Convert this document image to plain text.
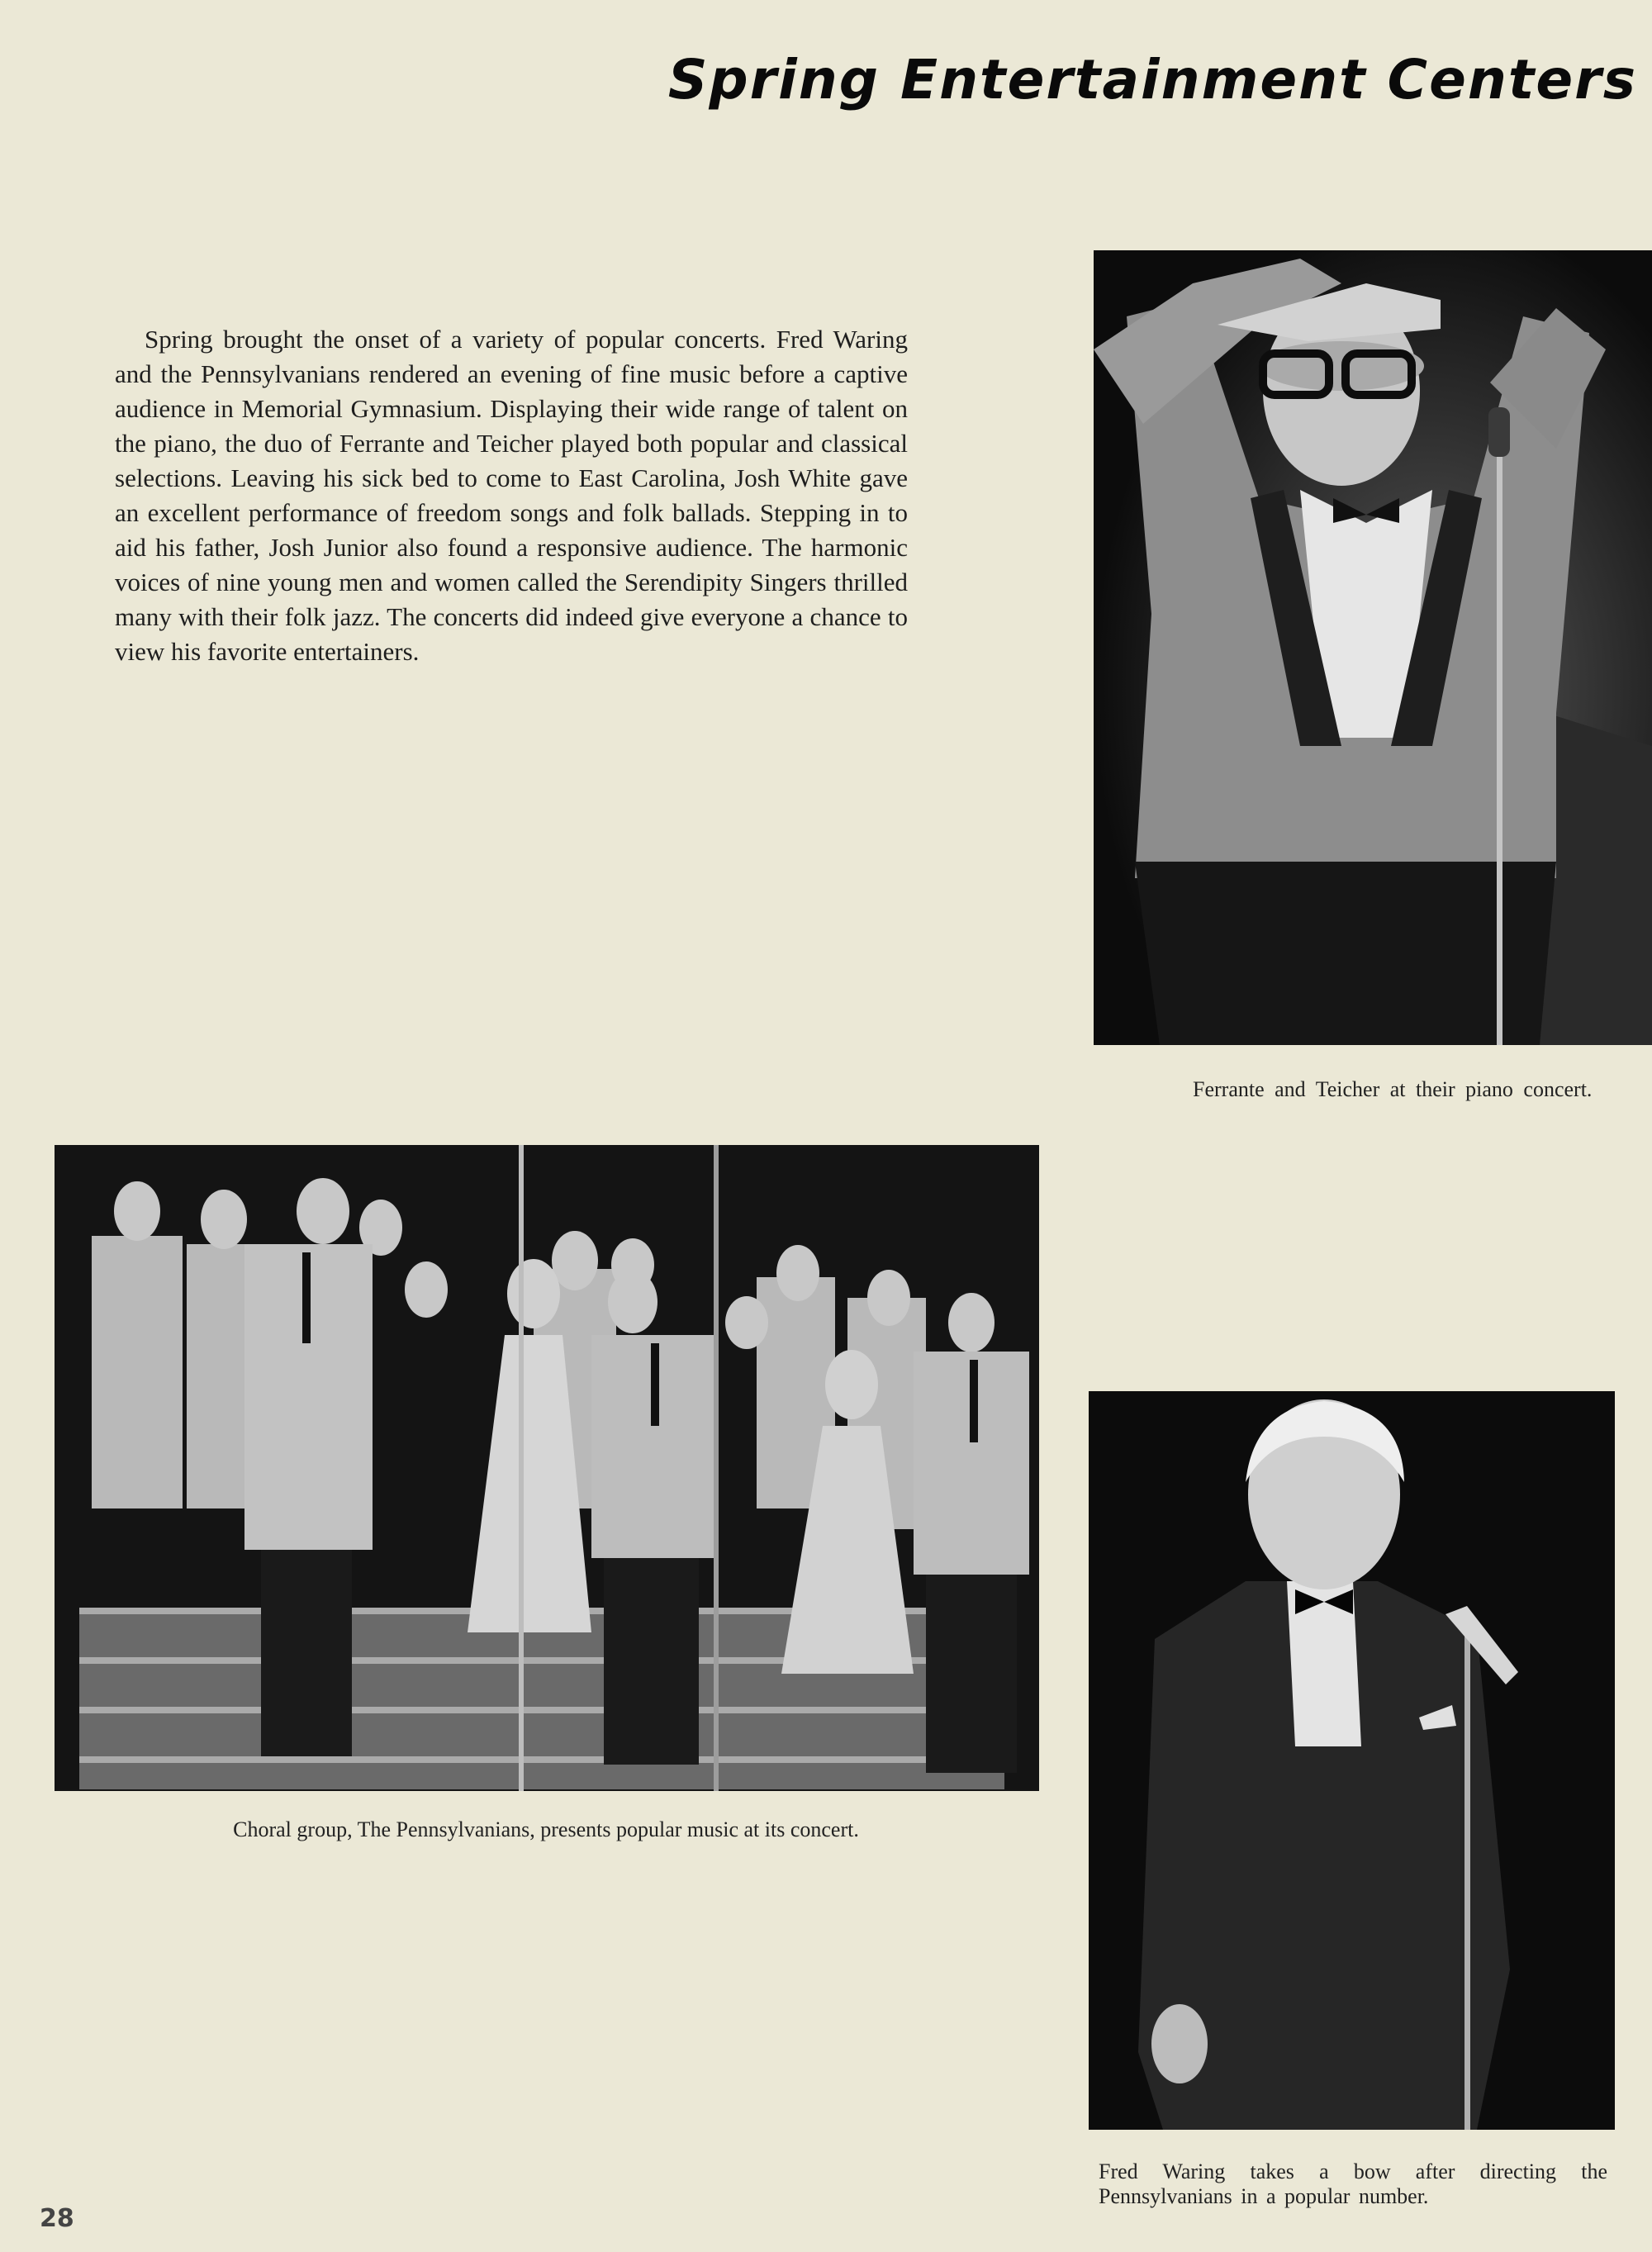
Spring Entertainment Centers
Spring brought the onset of a variety of popular concerts. Fred Waring and the Pennsylvanians rendered an evening of fine music before a captive audience in Memorial Gymnasium. Displaying their wide range of talent on the piano, the duo of Ferrante and Teicher played both popular and classical selections. Leaving his sick bed to come to East Carolina, Josh White gave an excellent performance of freedom songs and folk ballads. Stepping in to aid his father, Josh Junior also found a responsive audience. The harmonic voices of nine young men and women called the Serendipity Singers thrilled many with their folk jazz. The concerts did indeed give everyone a chance to view his favorite entertainers.
Ferrante and Teicher at their piano concert.
Choral group, The Pennsylvanians, presents popular music at its concert.
Fred Waring takes a bow after directing the Pennsylvanians in a popular number.
28
